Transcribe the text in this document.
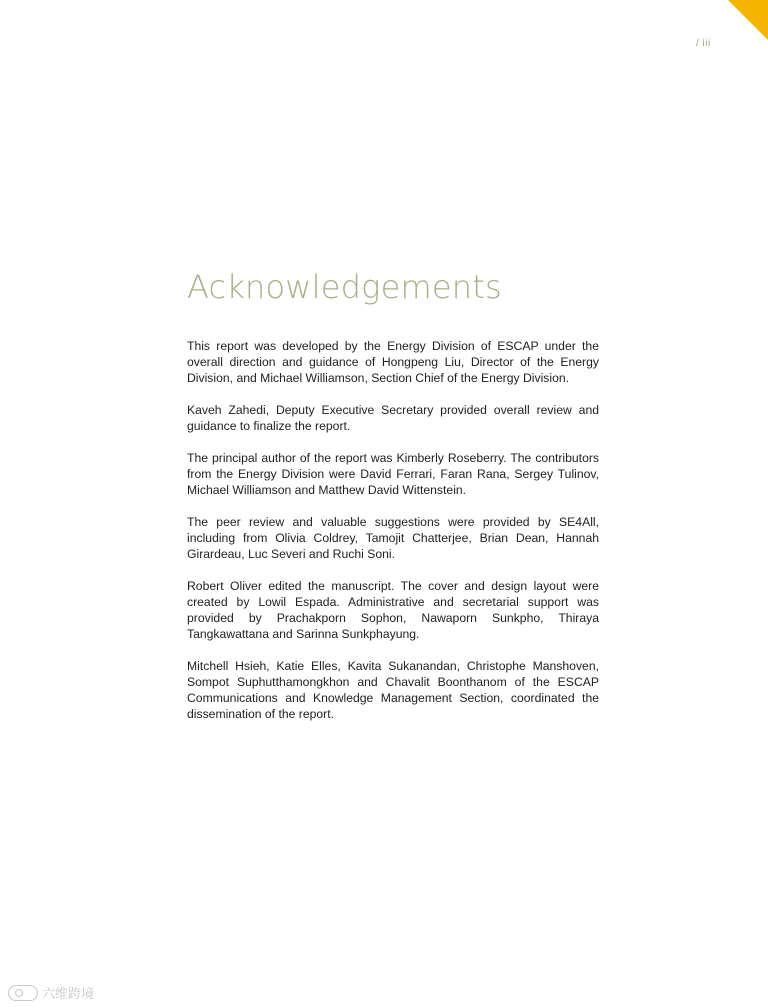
/ iii
Acknowledgements

This report was developed by the Energy Division of ESCAP under the overall direction and guidance of Hongpeng Liu, Director of the Energy Division, and Michael Williamson, Section Chief of the Energy Division.

Kaveh Zahedi, Deputy Executive Secretary provided overall review and guidance to finalize the report.

The principal author of the report was Kimberly Roseberry. The contributors from the Energy Division were David Ferrari, Faran Rana, Sergey Tulinov, Michael Williamson and Matthew David Wittenstein.

The peer review and valuable suggestions were provided by SE4All, including from Olivia Coldrey, Tamojit Chatterjee, Brian Dean, Hannah Girardeau, Luc Severi and Ruchi Soni.

Robert Oliver edited the manuscript. The cover and design layout were created by Lowil Espada. Administrative and secretarial support was provided by Prachakporn Sophon, Nawaporn Sunkpho, Thiraya Tangkawattana and Sarinna Sunkphayung.

Mitchell Hsieh, Katie Elles, Kavita Sukanandan, Christophe Manshoven, Sompot Suphutthamongkhon and Chavalit Boonthanom of the ESCAP Communications and Knowledge Management Section, coordinated the dissemination of the report.

六维跨境
